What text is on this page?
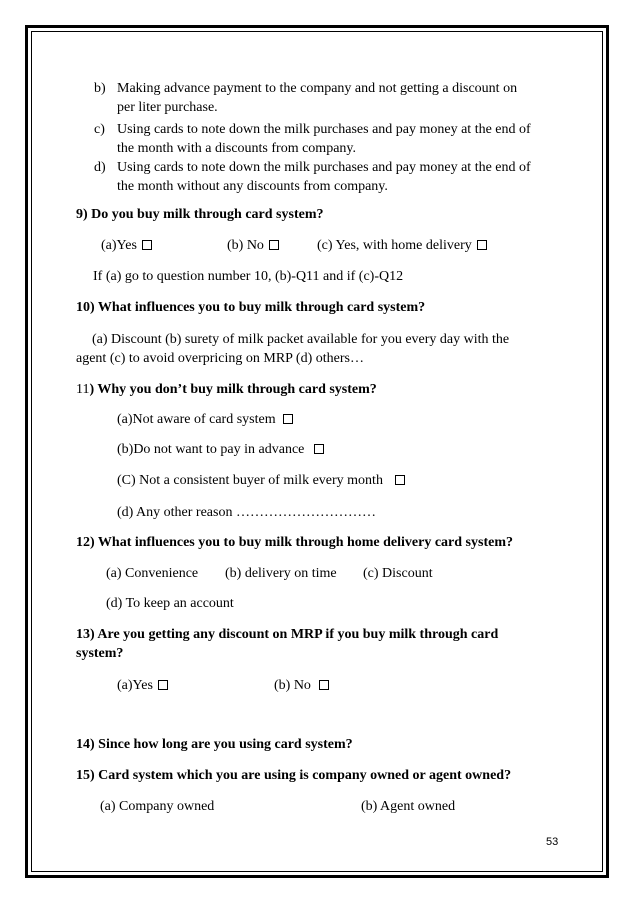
b) Making advance payment to the company and not getting a discount on
per liter purchase.
c) Using cards to note down the milk purchases and pay money at the end of
the month with a discounts from company.
d) Using cards to note down the milk purchases and pay money at the end of
the month without any discounts from company.
9) Do you buy milk through card system?
(a)Yes	(b) No	(c) Yes, with home delivery
If (a) go to question number 10, (b)-Q11 and if (c)-Q12
10) What influences you to buy milk through card system?
(a) Discount (b) surety of milk packet available for you every day with the
agent (c) to avoid overpricing on MRP (d) others…
11) Why you don’t buy milk through card system?
(a)Not aware of card system
(b)Do not want to pay in advance
(C) Not a consistent buyer of milk every month
(d) Any other reason …………………………
12) What influences you to buy milk through home delivery card system?
(a) Convenience (b) delivery on time (c) Discount
(d) To keep an account
13) Are you getting any discount on MRP if you buy milk through card
system?
(a)Yes	(b) No
14) Since how long are you using card system?
15) Card system which you are using is company owned or agent owned?
(a) Company owned	(b) Agent owned
53
